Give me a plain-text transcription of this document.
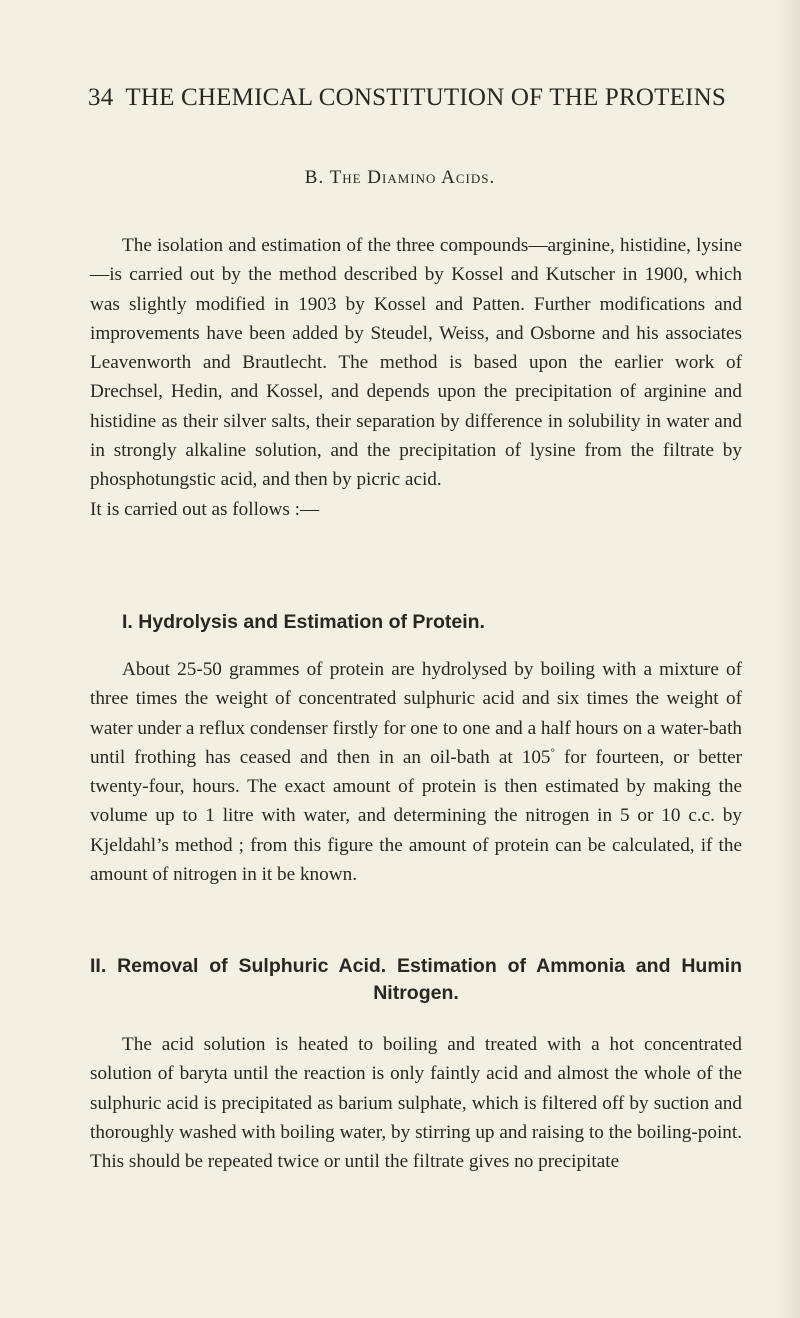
34 THE CHEMICAL CONSTITUTION OF THE PROTEINS
B. The Diamino Acids.
The isolation and estimation of the three compounds—arginine, histidine, lysine—is carried out by the method described by Kossel and Kutscher in 1900, which was slightly modified in 1903 by Kossel and Patten. Further modifications and improvements have been added by Steudel, Weiss, and Osborne and his associates Leavenworth and Brautlecht. The method is based upon the earlier work of Drechsel, Hedin, and Kossel, and depends upon the precipitation of arginine and histidine as their silver salts, their separation by difference in solubility in water and in strongly alkaline solution, and the precipitation of lysine from the filtrate by phosphotungstic acid, and then by picric acid.
It is carried out as follows :—
I. Hydrolysis and Estimation of Protein.
About 25-50 grammes of protein are hydrolysed by boiling with a mixture of three times the weight of concentrated sulphuric acid and six times the weight of water under a reflux condenser firstly for one to one and a half hours on a water-bath until frothing has ceased and then in an oil-bath at 105° for fourteen, or better twenty-four, hours. The exact amount of protein is then estimated by making the volume up to 1 litre with water, and determining the nitrogen in 5 or 10 c.c. by Kjeldahl’s method ; from this figure the amount of protein can be calculated, if the amount of nitrogen in it be known.
II. Removal of Sulphuric Acid. Estimation of Ammonia and Humin Nitrogen.
The acid solution is heated to boiling and treated with a hot concentrated solution of baryta until the reaction is only faintly acid and almost the whole of the sulphuric acid is precipitated as barium sulphate, which is filtered off by suction and thoroughly washed with boiling water, by stirring up and raising to the boiling-point. This should be repeated twice or until the filtrate gives no precipitate
